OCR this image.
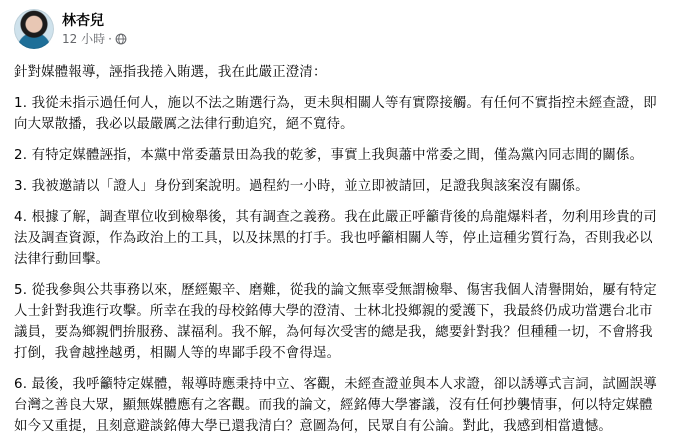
林杏兒
12 小時 ·

針對媒體報導，誣指我捲入賄選，我在此嚴正澄清：

1. 我從未指示過任何人，施以不法之賄選行為，更未與相關人等有實際接觸。有任何不實指控未經查證，即向大眾散播，我必以最嚴厲之法律行動追究，絕不寬待。

2. 有特定媒體誣指，本黨中常委蕭景田為我的乾爹，事實上我與蕭中常委之間，僅為黨內同志間的關係。

3. 我被邀請以「證人」身份到案說明。過程約一小時，並立即被請回，足證我與該案沒有關係。

4. 根據了解，調查單位收到檢舉後，其有調查之義務。我在此嚴正呼籲背後的烏龍爆料者，勿利用珍貴的司法及調查資源，作為政治上的工具，以及抹黑的打手。我也呼籲相關人等，停止這種劣質行為，否則我必以法律行動回擊。

5. 從我參與公共事務以來，歷經艱辛、磨難，從我的論文無辜受無謂檢舉、傷害我個人清譽開始，屢有特定人士針對我進行攻擊。所幸在我的母校銘傳大學的澄清、士林北投鄉親的愛護下，我最終仍成功當選台北市議員，要為鄉親們拚服務、謀福利。我不解，為何每次受害的總是我，總要針對我？但種種一切，不會將我打倒，我會越挫越勇，相關人等的卑鄙手段不會得逞。

6. 最後，我呼籲特定媒體，報導時應秉持中立、客觀，未經查證並與本人求證，卻以誘導式言詞，試圖誤導台灣之善良大眾，顯無媒體應有之客觀。而我的論文，經銘傳大學審議，沒有任何抄襲情事，何以特定媒體如今又重提，且刻意避談銘傳大學已還我清白？意圖為何，民眾自有公論。對此，我感到相當遺憾。
